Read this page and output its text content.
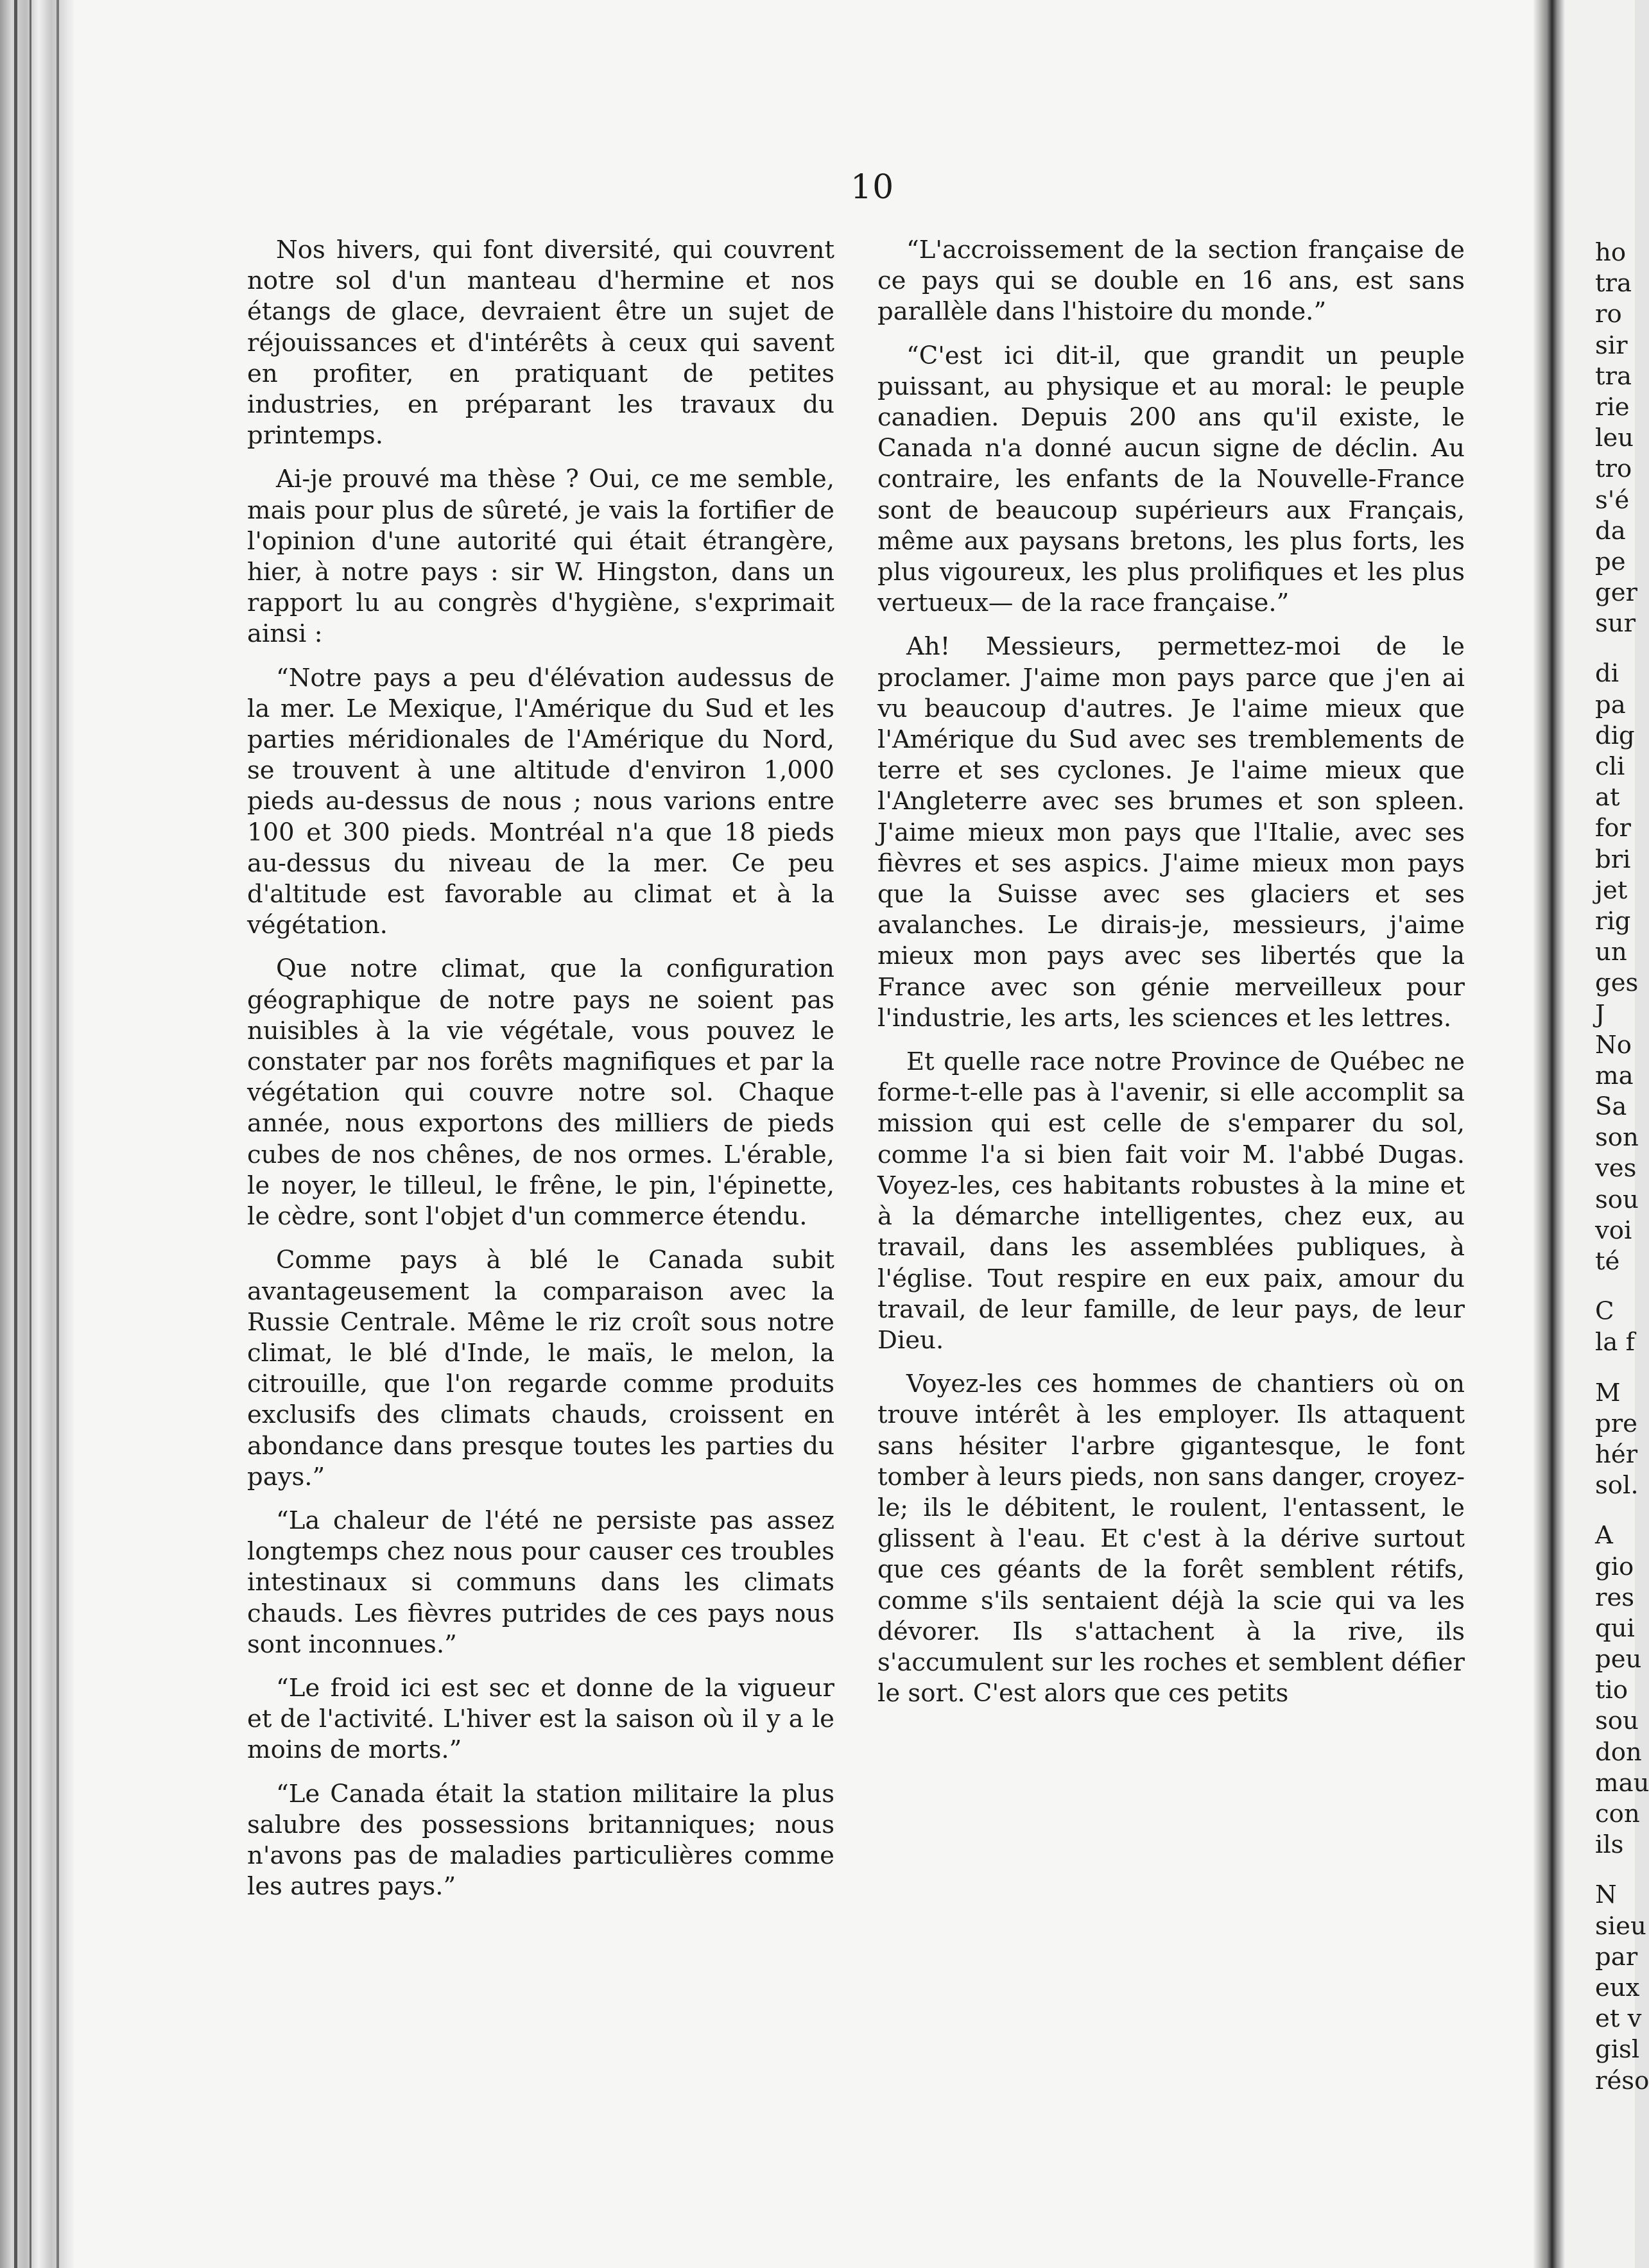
10

Nos hivers, qui font diversité, qui couvrent notre sol d'un manteau d'hermine et nos étangs de glace, devraient être un sujet de réjouissances et d'intérêts à ceux qui savent en profiter, en pratiquant de petites industries, en préparant les travaux du printemps.

Ai-je prouvé ma thèse ? Oui, ce me semble, mais pour plus de sûreté, je vais la fortifier de l'opinion d'une autorité qui était étrangère, hier, à notre pays : sir W. Hingston, dans un rapport lu au congrès d'hygiène, s'exprimait ainsi :

“Notre pays a peu d'élévation audessus de la mer. Le Mexique, l'Amérique du Sud et les parties méridionales de l'Amérique du Nord, se trouvent à une altitude d'environ 1,000 pieds au-dessus de nous ; nous varions entre 100 et 300 pieds. Montréal n'a que 18 pieds au-dessus du niveau de la mer. Ce peu d'altitude est favorable au climat et à la végétation.

Que notre climat, que la configuration géographique de notre pays ne soient pas nuisibles à la vie végétale, vous pouvez le constater par nos forêts magnifiques et par la végétation qui couvre notre sol. Chaque année, nous exportons des milliers de pieds cubes de nos chênes, de nos ormes. L'érable, le noyer, le tilleul, le frêne, le pin, l'épinette, le cèdre, sont l'objet d'un commerce étendu.

Comme pays à blé le Canada subit avantageusement la comparaison avec la Russie Centrale. Même le riz croît sous notre climat, le blé d'Inde, le maïs, le melon, la citrouille, que l'on regarde comme produits exclusifs des climats chauds, croissent en abondance dans presque toutes les parties du pays.”

“La chaleur de l'été ne persiste pas assez longtemps chez nous pour causer ces troubles intestinaux si communs dans les climats chauds. Les fièvres putrides de ces pays nous sont inconnues.”

“Le froid ici est sec et donne de la vigueur et de l'activité. L'hiver est la saison où il y a le moins de morts.”

“Le Canada était la station militaire la plus salubre des possessions britanniques; nous n'avons pas de maladies particulières comme les autres pays.”

“L'accroissement de la section française de ce pays qui se double en 16 ans, est sans parallèle dans l'histoire du monde.”

“C'est ici dit-il, que grandit un peuple puissant, au physique et au moral: le peuple canadien. Depuis 200 ans qu'il existe, le Canada n'a donné aucun signe de déclin. Au contraire, les enfants de la Nouvelle-France sont de beaucoup supérieurs aux Français, même aux paysans bretons, les plus forts, les plus vigoureux, les plus prolifiques et les plus vertueux— de la race française.”

Ah! Messieurs, permettez-moi de le proclamer. J'aime mon pays parce que j'en ai vu beaucoup d'autres. Je l'aime mieux que l'Amérique du Sud avec ses tremblements de terre et ses cyclones. Je l'aime mieux que l'Angleterre avec ses brumes et son spleen. J'aime mieux mon pays que l'Italie, avec ses fièvres et ses aspics. J'aime mieux mon pays que la Suisse avec ses glaciers et ses avalanches. Le dirais-je, messieurs, j'aime mieux mon pays avec ses libertés que la France avec son génie merveilleux pour l'industrie, les arts, les sciences et les lettres.

Et quelle race notre Province de Québec ne forme-t-elle pas à l'avenir, si elle accomplit sa mission qui est celle de s'emparer du sol, comme l'a si bien fait voir M. l'abbé Dugas. Voyez-les, ces habitants robustes à la mine et à la démarche intelligentes, chez eux, au travail, dans les assemblées publiques, à l'église. Tout respire en eux paix, amour du travail, de leur famille, de leur pays, de leur Dieu.

Voyez-les ces hommes de chantiers où on trouve intérêt à les employer. Ils attaquent sans hésiter l'arbre gigantesque, le font tomber à leurs pieds, non sans danger, croyez-le; ils le débitent, le roulent, l'entassent, le glissent à l'eau. Et c'est à la dérive surtout que ces géants de la forêt semblent rétifs, comme s'ils sentaient déjà la scie qui va les dévorer. Ils s'attachent à la rive, ils s'accumulent sur les roches et semblent défier le sort. C'est alors que ces petits

ho
tra
ro
sir
tra
rie
leu
tro
s'é
da
pe
ger
sur
di
pa
dig
cli
at
for
bri
jet
rig
un
ges
J
No
ma
Sa
son
ves
sou
voi
té
C
la f
M
pre
hér
sol.
A
gio
res
qui
peu
tio
sou
don
mau
con
ils
N
sieu
par
eux
et v
gisl
réso
